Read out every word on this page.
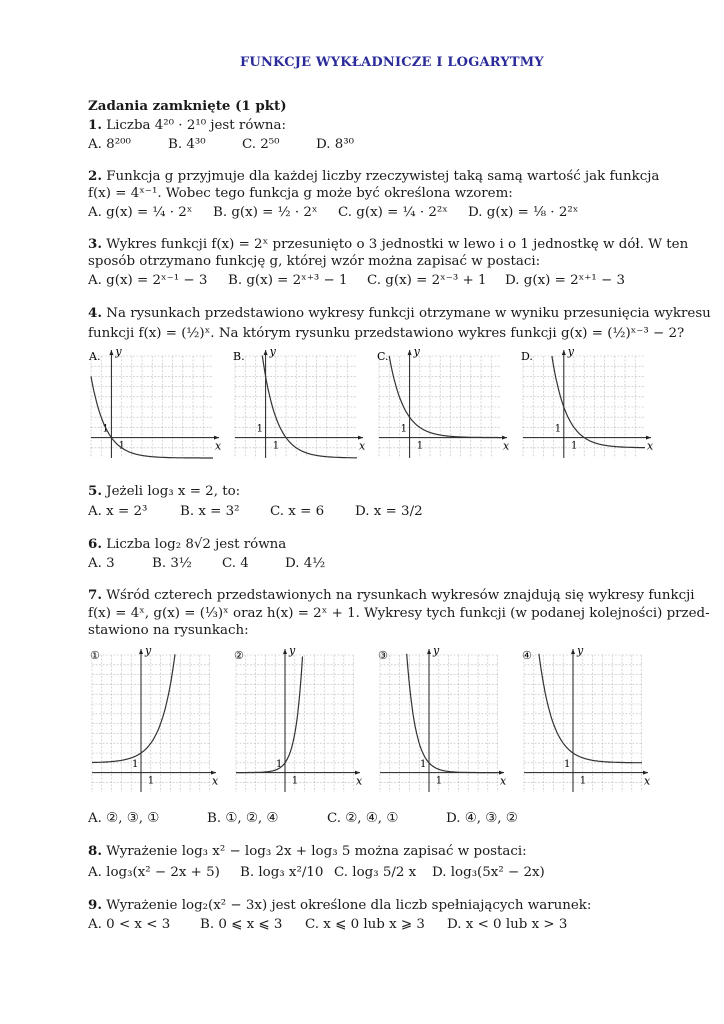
FUNKCJE WYKŁADNICZE I LOGARYTMY
Zadania zamknięte (1 pkt)
1. Liczba 4²⁰ · 2¹⁰ jest równa:
A. 8²⁰⁰	B. 4³⁰	C. 2⁵⁰	D. 8³⁰
2. Funkcja g przyjmuje dla każdej liczby rzeczywistej taką samą wartość jak funkcja
f(x) = 4ˣ⁻¹. Wobec tego funkcja g może być określona wzorem:
A. g(x) = ¼ · 2ˣ B. g(x) = ½ · 2ˣ C. g(x) = ¼ · 2²ˣ D. g(x) = ⅛ · 2²ˣ
3. Wykres funkcji f(x) = 2ˣ przesunięto o 3 jednostki w lewo i o 1 jednostkę w dół. W ten
sposób otrzymano funkcję g, której wzór można zapisać w postaci:
A. g(x) = 2ˣ⁻¹ − 3 B. g(x) = 2ˣ⁺³ − 1 C. g(x) = 2ˣ⁻³ + 1 D. g(x) = 2ˣ⁺¹ − 3
4. Na rysunkach przedstawiono wykresy funkcji otrzymane w wyniku przesunięcia wykresu
funkcji f(x) = (½)ˣ. Na którym rysunku przedstawiono wykres funkcji g(x) = (½)ˣ⁻³ − 2?
x
y
1
1
A.
x
y
1
1
B.
x
y
1
1
C.
x
y
1
1
D.
5. Jeżeli log₃ x = 2, to:
A. x = 2³ B. x = 3² C. x = 6 D. x = 3/2
6. Liczba log₂ 8√2 jest równa
A. 3	B. 3½ C. 4	D. 4½
7. Wśród czterech przedstawionych na rysunkach wykresów znajdują się wykresy funkcji
f(x) = 4ˣ, g(x) = (⅓)ˣ oraz h(x) = 2ˣ + 1. Wykresy tych funkcji (w podanej kolejności) przed-
stawiono na rysunkach:
x
y
1
1
①
x
y
1
1
②
x
y
1
1
③
x
y
1
1
④
A. ②, ③, ①	B. ①, ②, ④	C. ②, ④, ①	D. ④, ③, ②
8. Wyrażenie log₃ x² − log₃ 2x + log₃ 5 można zapisać w postaci:
A. log₃(x² − 2x + 5) B. log₃ x²/10 C. log₃ 5/2 x D. log₃(5x² − 2x)
9. Wyrażenie log₂(x² − 3x) jest określone dla liczb spełniających warunek:
A. 0 < x < 3 B. 0 ⩽ x ⩽ 3 C. x ⩽ 0 lub x ⩾ 3 D. x < 0 lub x > 3
